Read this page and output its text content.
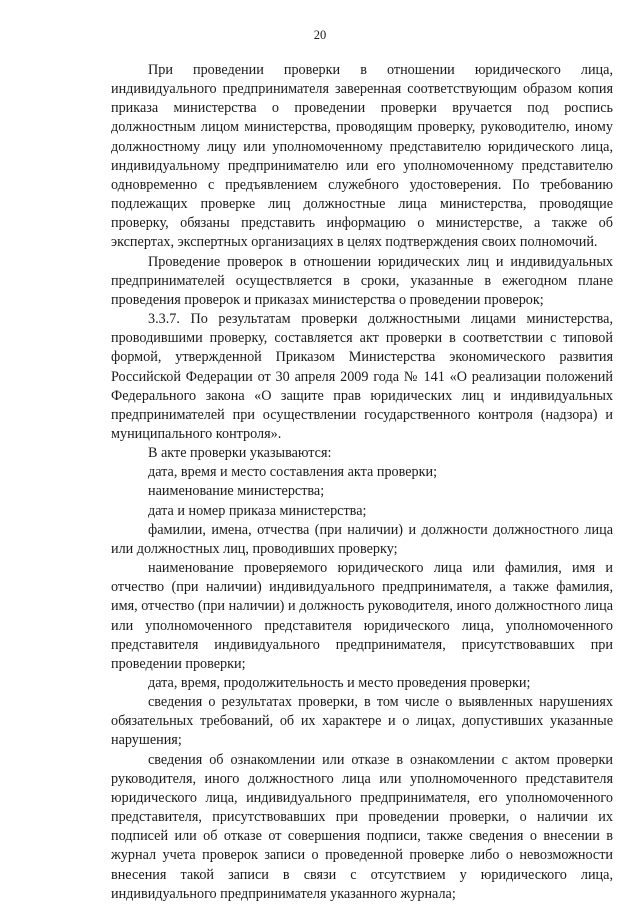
20

При проведении проверки в отношении юридического лица, индивидуального предпринимателя заверенная соответствующим образом копия приказа министерства о проведении проверки вручается под роспись должностным лицом министерства, проводящим проверку, руководителю, иному должностному лицу или уполномоченному представителю юридического лица, индивидуальному предпринимателю или его уполномоченному представителю одновременно с предъявлением служебного удостоверения. По требованию подлежащих проверке лиц должностные лица министерства, проводящие проверку, обязаны представить информацию о министерстве, а также об экспертах, экспертных организациях в целях подтверждения своих полномочий.

Проведение проверок в отношении юридических лиц и индивидуальных предпринимателей осуществляется в сроки, указанные в ежегодном плане проведения проверок и приказах министерства о проведении проверок;

3.3.7. По результатам проверки должностными лицами министерства, проводившими проверку, составляется акт проверки в соответствии с типовой формой, утвержденной Приказом Министерства экономического развития Российской Федерации от 30 апреля 2009 года № 141 «О реализации положений Федерального закона «О защите прав юридических лиц и индивидуальных предпринимателей при осуществлении государственного контроля (надзора) и муниципального контроля».

В акте проверки указываются:

дата, время и место составления акта проверки;

наименование министерства;

дата и номер приказа министерства;

фамилии, имена, отчества (при наличии) и должности должностного лица или должностных лиц, проводивших проверку;

наименование проверяемого юридического лица или фамилия, имя и отчество (при наличии) индивидуального предпринимателя, а также фамилия, имя, отчество (при наличии) и должность руководителя, иного должностного лица или уполномоченного представителя юридического лица, уполномоченного представителя индивидуального предпринимателя, присутствовавших при проведении проверки;

дата, время, продолжительность и место проведения проверки;

сведения о результатах проверки, в том числе о выявленных нарушениях обязательных требований, об их характере и о лицах, допустивших указанные нарушения;

сведения об ознакомлении или отказе в ознакомлении с актом проверки руководителя, иного должностного лица или уполномоченного представителя юридического лица, индивидуального предпринимателя, его уполномоченного представителя, присутствовавших при проведении проверки, о наличии их подписей или об отказе от совершения подписи, также сведения о внесении в журнал учета проверок записи о проведенной проверке либо о невозможности внесения такой записи в связи с отсутствием у юридического лица, индивидуального предпринимателя указанного журнала;
